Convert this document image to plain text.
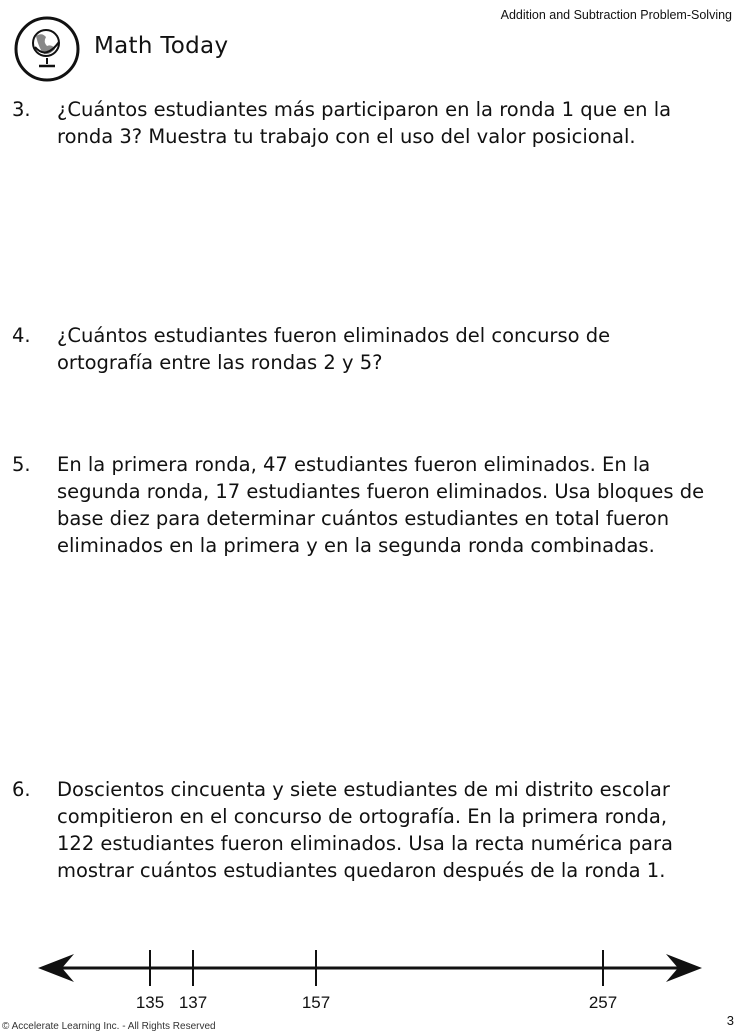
Addition and Subtraction Problem-Solving
Math Today
3.	¿Cuántos estudiantes más participaron en la ronda 1 que en la
ronda 3? Muestra tu trabajo con el uso del valor posicional.
4.	¿Cuántos estudiantes fueron eliminados del concurso de
ortografía entre las rondas 2 y 5?
5.	En la primera ronda, 47 estudiantes fueron eliminados. En la
segunda ronda, 17 estudiantes fueron eliminados. Usa bloques de
base diez para determinar cuántos estudiantes en total fueron
eliminados en la primera y en la segunda ronda combinadas.
6.	Doscientos cincuenta y siete estudiantes de mi distrito escolar
compitieron en el concurso de ortografía. En la primera ronda,
122 estudiantes fueron eliminados. Usa la recta numérica para
mostrar cuántos estudiantes quedaron después de la ronda 1.
135 137	157	257
© Accelerate Learning Inc. - All Rights Reserved	3
